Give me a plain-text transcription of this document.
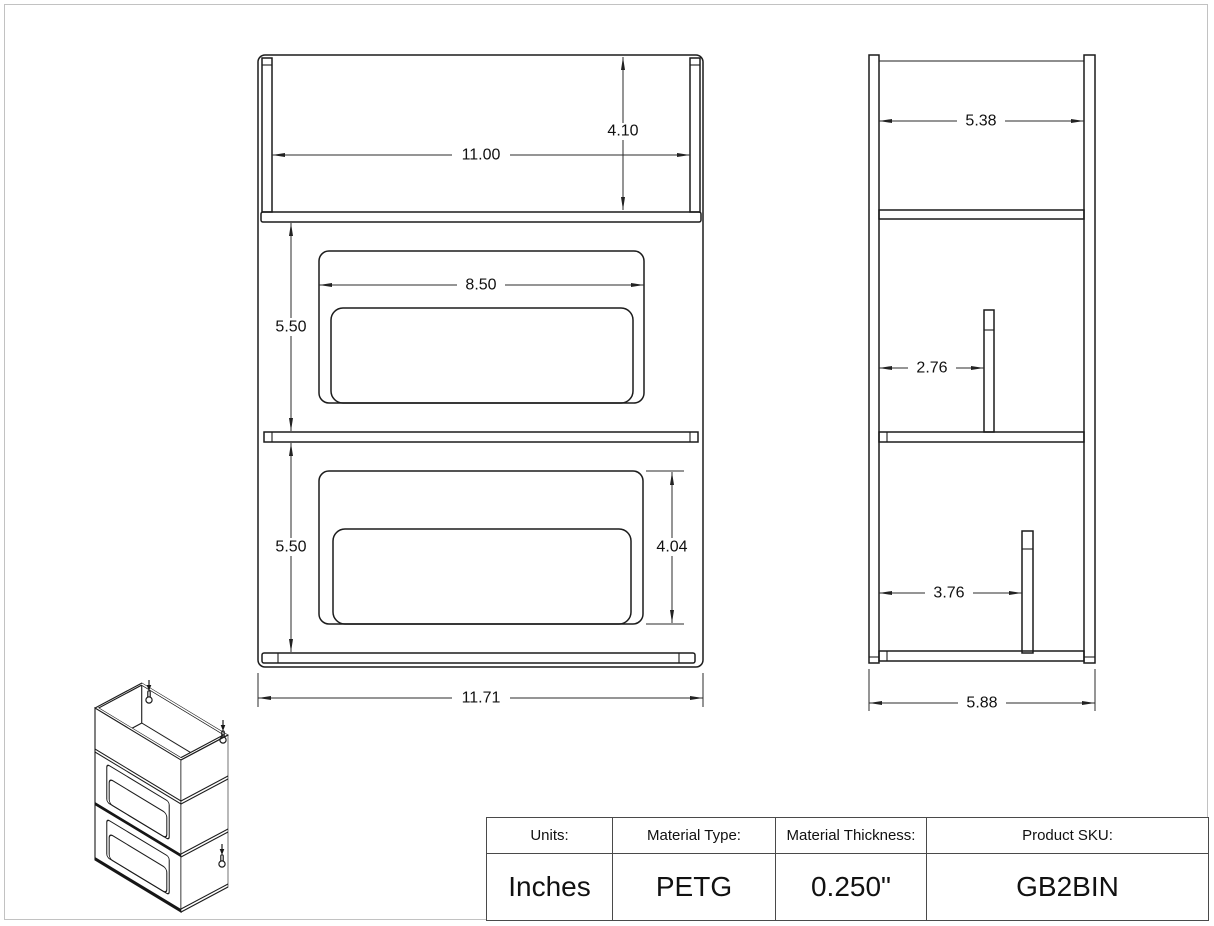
11.00
4.10
8.50
5.50
5.50	4.04
11.71
5.38
2.76
3.76
5.88
Units:
Inches
Material Type:
PETG
Material Thickness:
0.250"
Product SKU:
GB2BIN
